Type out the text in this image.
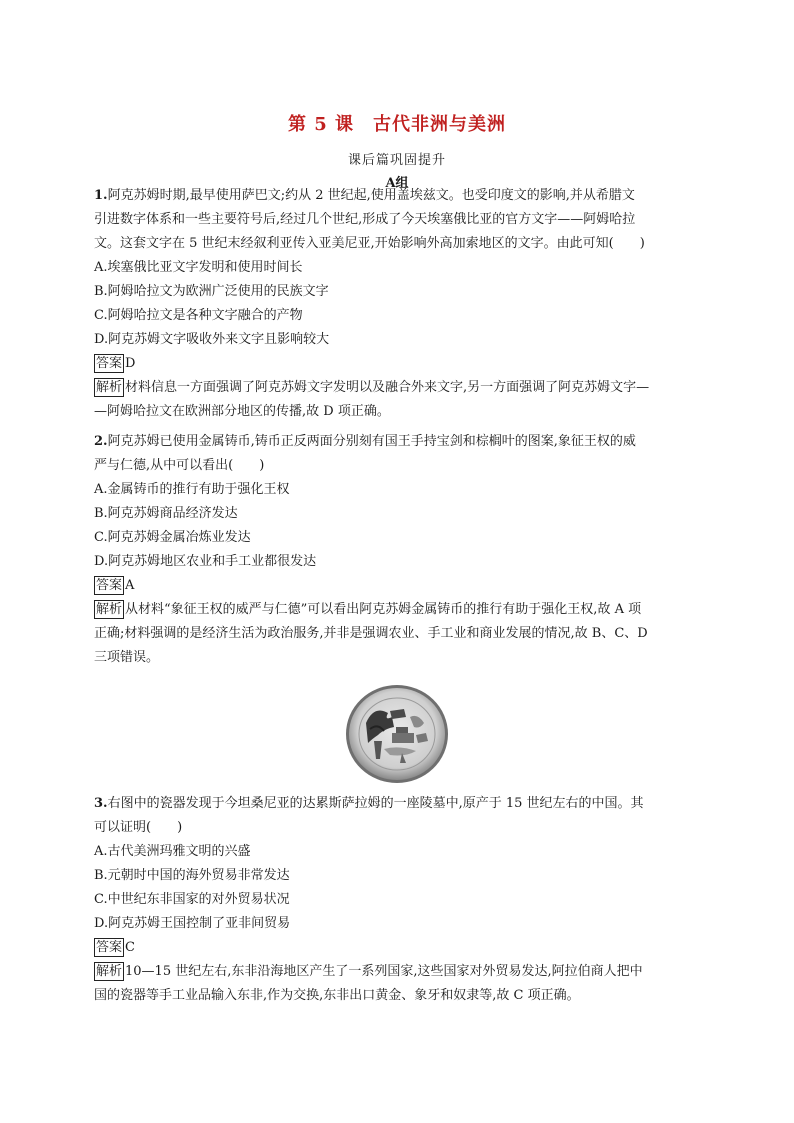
第 5 课　古代非洲与美洲
课后篇巩固提升
A组
1.阿克苏姆时期,最早使用萨巴文;约从 2 世纪起,使用盖埃兹文。也受印度文的影响,并从希腊文
引进数字体系和一些主要符号后,经过几个世纪,形成了今天埃塞俄比亚的官方文字——阿姆哈拉
文。这套文字在 5 世纪末经叙利亚传入亚美尼亚,开始影响外高加索地区的文字。由此可知(　　)
A.埃塞俄比亚文字发明和使用时间长
B.阿姆哈拉文为欧洲广泛使用的民族文字
C.阿姆哈拉文是各种文字融合的产物
D.阿克苏姆文字吸收外来文字且影响较大
答案 D
解析 材料信息一方面强调了阿克苏姆文字发明以及融合外来文字,另一方面强调了阿克苏姆文字—
—阿姆哈拉文在欧洲部分地区的传播,故 D 项正确。
2.阿克苏姆已使用金属铸币,铸币正反两面分别刻有国王手持宝剑和棕榈叶的图案,象征王权的威
严与仁德,从中可以看出(　　)
A.金属铸币的推行有助于强化王权
B.阿克苏姆商品经济发达
C.阿克苏姆金属冶炼业发达
D.阿克苏姆地区农业和手工业都很发达
答案 A
解析 从材料“象征王权的威严与仁德”可以看出阿克苏姆金属铸币的推行有助于强化王权,故 A 项
正确;材料强调的是经济生活为政治服务,并非是强调农业、手工业和商业发展的情况,故 B、C、D
三项错误。
3.右图中的瓷器发现于今坦桑尼亚的达累斯萨拉姆的一座陵墓中,原产于 15 世纪左右的中国。其
可以证明(　　)
A.古代美洲玛雅文明的兴盛
B.元朝时中国的海外贸易非常发达
C.中世纪东非国家的对外贸易状况
D.阿克苏姆王国控制了亚非间贸易
答案 C
解析 10—15 世纪左右,东非沿海地区产生了一系列国家,这些国家对外贸易发达,阿拉伯商人把中
国的瓷器等手工业品输入东非,作为交换,东非出口黄金、象牙和奴隶等,故 C 项正确。
